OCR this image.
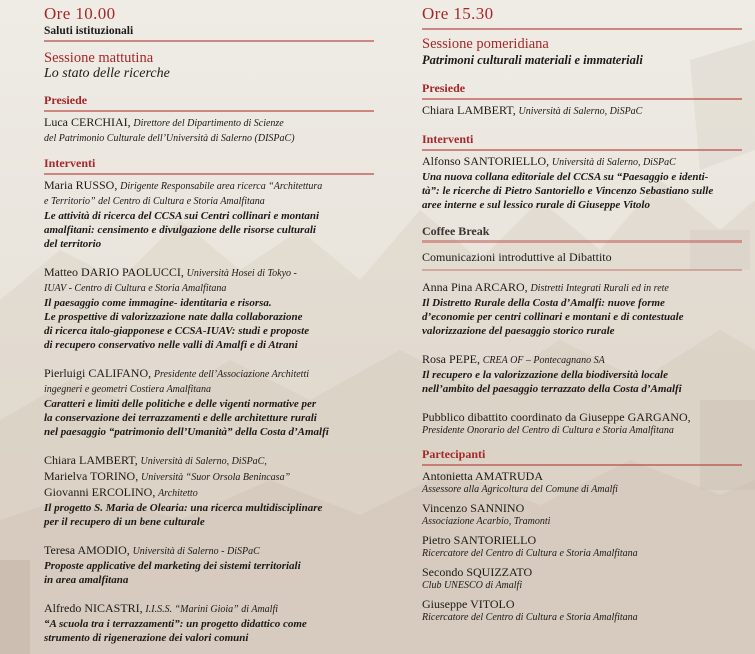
Ore 10.00
Saluti istituzionali
Sessione mattutina
Lo stato delle ricerche
Presiede
Luca CERCHIAI, Direttore del Dipartimento di Scienze
del Patrimonio Culturale dell’Università di Salerno (DISPaC)
Interventi
Maria RUSSO, Dirigente Responsabile area ricerca “Architettura
e Territorio” del Centro di Cultura e Storia Amalfitana
Le attività di ricerca del CCSA sui Centri collinari e montani
amalfitani: censimento e divulgazione delle risorse culturali
del territorio
Matteo DARIO PAOLUCCI, Università Hosei di Tokyo -
IUAV - Centro di Cultura e Storia Amalfitana
Il paesaggio come immagine- identitaria e risorsa.
Le prospettive di valorizzazione nate dalla collaborazione
di ricerca italo-giapponese e CCSA-IUAV: studi e proposte
di recupero conservativo nelle valli di Amalfi e di Atrani
Pierluigi CALIFANO, Presidente dell’Associazione Architetti
ingegneri e geometri Costiera Amalfitana
Caratteri e limiti delle politiche e delle vigenti normative per
la conservazione dei terrazzamenti e delle architetture rurali
nel paesaggio “patrimonio dell’Umanità” della Costa d’Amalfi
Chiara LAMBERT, Università di Salerno, DiSPaC,
Marielva TORINO, Università “Suor Orsola Benincasa”
Giovanni ERCOLINO, Architetto
Il progetto S. Maria de Olearia: una ricerca multidisciplinare
per il recupero di un bene culturale
Teresa AMODIO, Università di Salerno - DiSPaC
Proposte applicative del marketing dei sistemi territoriali
in area amalfitana
Alfredo NICASTRI, I.I.S.S. “Marini Gioia” di Amalfi
“A scuola tra i terrazzamenti”: un progetto didattico come
strumento di rigenerazione dei valori comuni
Ore 15.30
Sessione pomeridiana
Patrimoni culturali materiali e immateriali
Presiede
Chiara LAMBERT, Università di Salerno, DiSPaC
Interventi
Alfonso SANTORIELLO, Università di Salerno, DiSPaC
Una nuova collana editoriale del CCSA su “Paesaggio e identi-
tà”: le ricerche di Pietro Santoriello e Vincenzo Sebastiano sulle
aree interne e sul lessico rurale di Giuseppe Vitolo
Coffee Break
Comunicazioni introduttive al Dibattito
Anna Pina ARCARO, Distretti Integrati Rurali ed in rete
Il Distretto Rurale della Costa d’Amalfi: nuove forme
d’economie per centri collinari e montani e di contestuale
valorizzazione del paesaggio storico rurale
Rosa PEPE, CREA OF – Pontecagnano SA
Il recupero e la valorizzazione della biodiversità locale
nell’ambito del paesaggio terrazzato della Costa d’Amalfi
Pubblico dibattito coordinato da Giuseppe GARGANO,
Presidente Onorario del Centro di Cultura e Storia Amalfitana
Partecipanti
Antonietta AMATRUDA
Assessore alla Agricoltura del Comune di Amalfi
Vincenzo SANNINO
Associazione Acarbio, Tramonti
Pietro SANTORIELLO
Ricercatore del Centro di Cultura e Storia Amalfitana
Secondo SQUIZZATO
Club UNESCO di Amalfi
Giuseppe VITOLO
Ricercatore del Centro di Cultura e Storia Amalfitana
